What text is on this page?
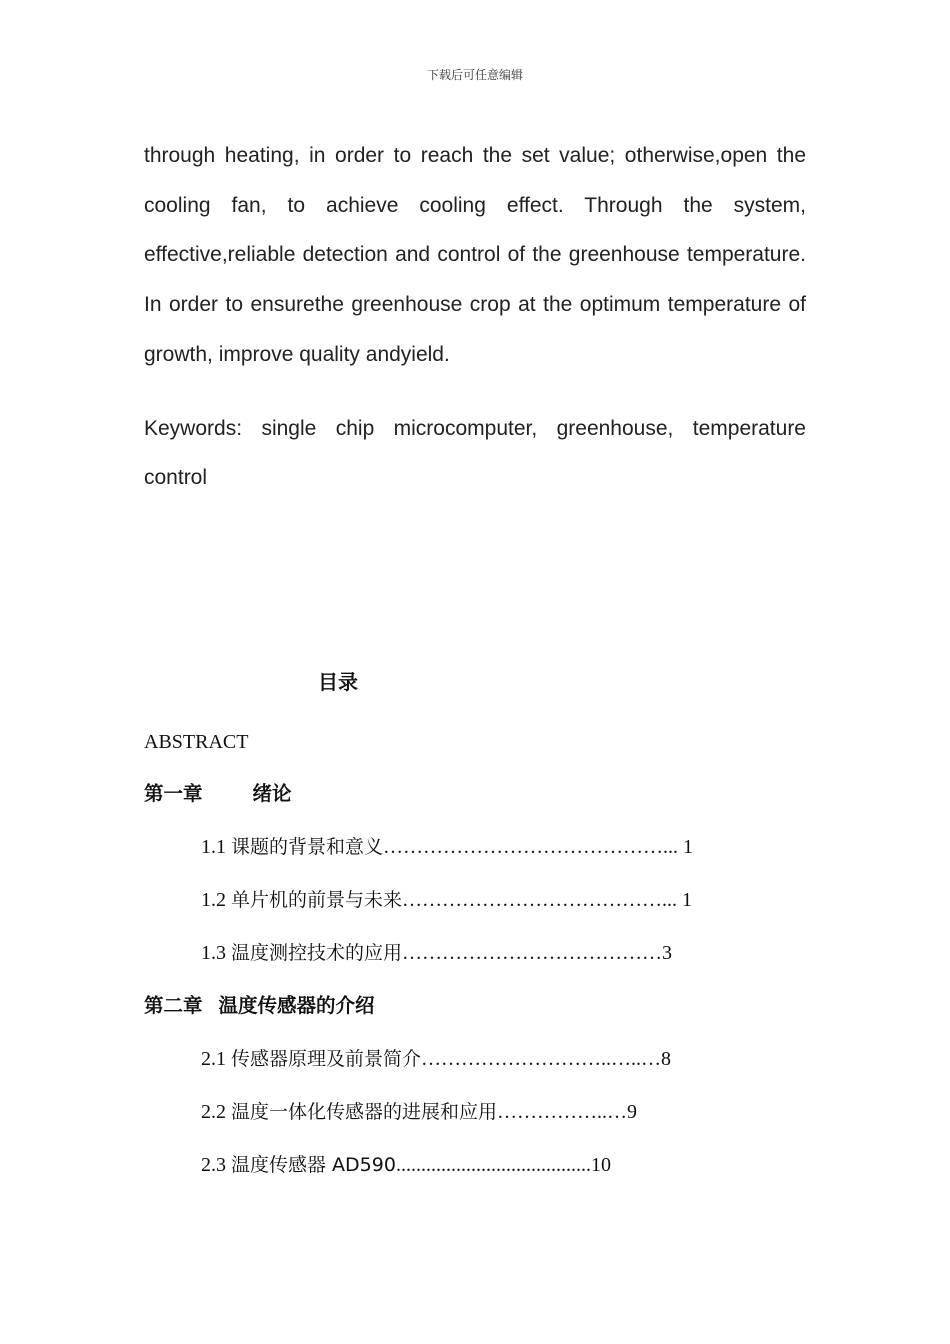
下载后可任意编辑

through heating, in order to reach the set value; otherwise,open the cooling fan, to achieve cooling effect. Through the system, effective,reliable detection and control of the greenhouse temperature. In order to ensurethe greenhouse crop at the optimum temperature of growth, improve quality andyield.

Keywords: single chip microcomputer, greenhouse, temperature control

目录
ABSTRACT
第一章	绪论
1.1 课题的背景和意义……………………………………... 1
1.2 单片机的前景与未来…………………………………... 1
1.3 温度测控技术的应用…………………………………3
第二章 温度传感器的介绍
2.1 传感器原理及前景简介………………………..…..…8
2.2 温度一体化传感器的进展和应用……………..…9
2.3 温度传感器 AD590.......................................10
